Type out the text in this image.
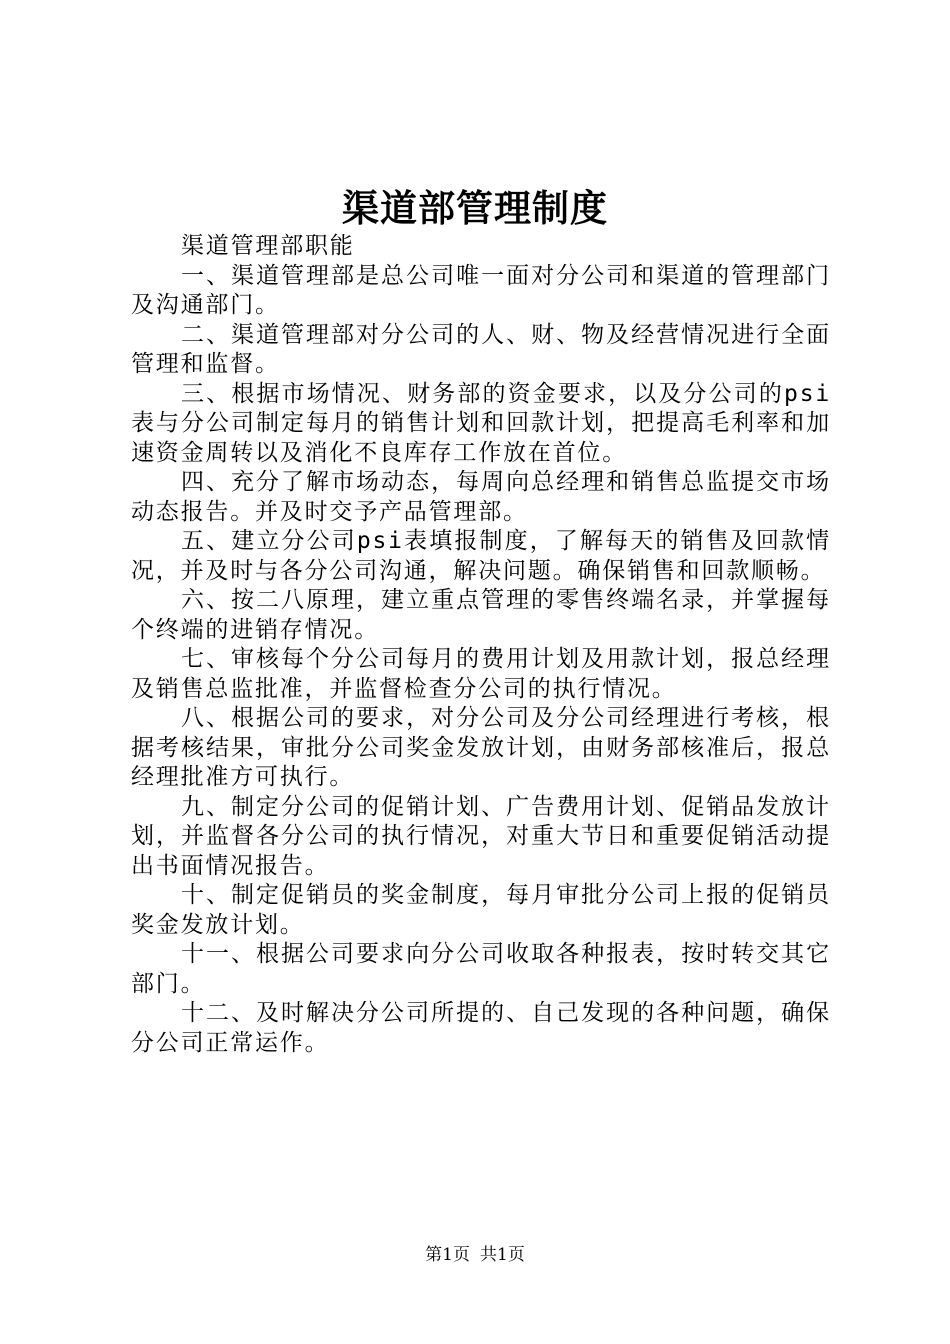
渠道部管理制度

渠道管理部职能

一、渠道管理部是总公司唯一面对分公司和渠道的管理部门及沟通部门。

二、渠道管理部对分公司的人、财、物及经营情况进行全面管理和监督。

三、根据市场情况、财务部的资金要求，以及分公司的psi表与分公司制定每月的销售计划和回款计划，把提高毛利率和加速资金周转以及消化不良库存工作放在首位。

四、充分了解市场动态，每周向总经理和销售总监提交市场动态报告。并及时交予产品管理部。

五、建立分公司psi表填报制度，了解每天的销售及回款情况，并及时与各分公司沟通，解决问题。确保销售和回款顺畅。

六、按二八原理，建立重点管理的零售终端名录，并掌握每个终端的进销存情况。

七、审核每个分公司每月的费用计划及用款计划，报总经理及销售总监批准，并监督检查分公司的执行情况。

八、根据公司的要求，对分公司及分公司经理进行考核，根据考核结果，审批分公司奖金发放计划，由财务部核准后，报总经理批准方可执行。

九、制定分公司的促销计划、广告费用计划、促销品发放计划，并监督各分公司的执行情况，对重大节日和重要促销活动提出书面情况报告。

十、制定促销员的奖金制度，每月审批分公司上报的促销员奖金发放计划。

十一、根据公司要求向分公司收取各种报表，按时转交其它部门。

十二、及时解决分公司所提的、自己发现的各种问题，确保分公司正常运作。

第1页 共1页
